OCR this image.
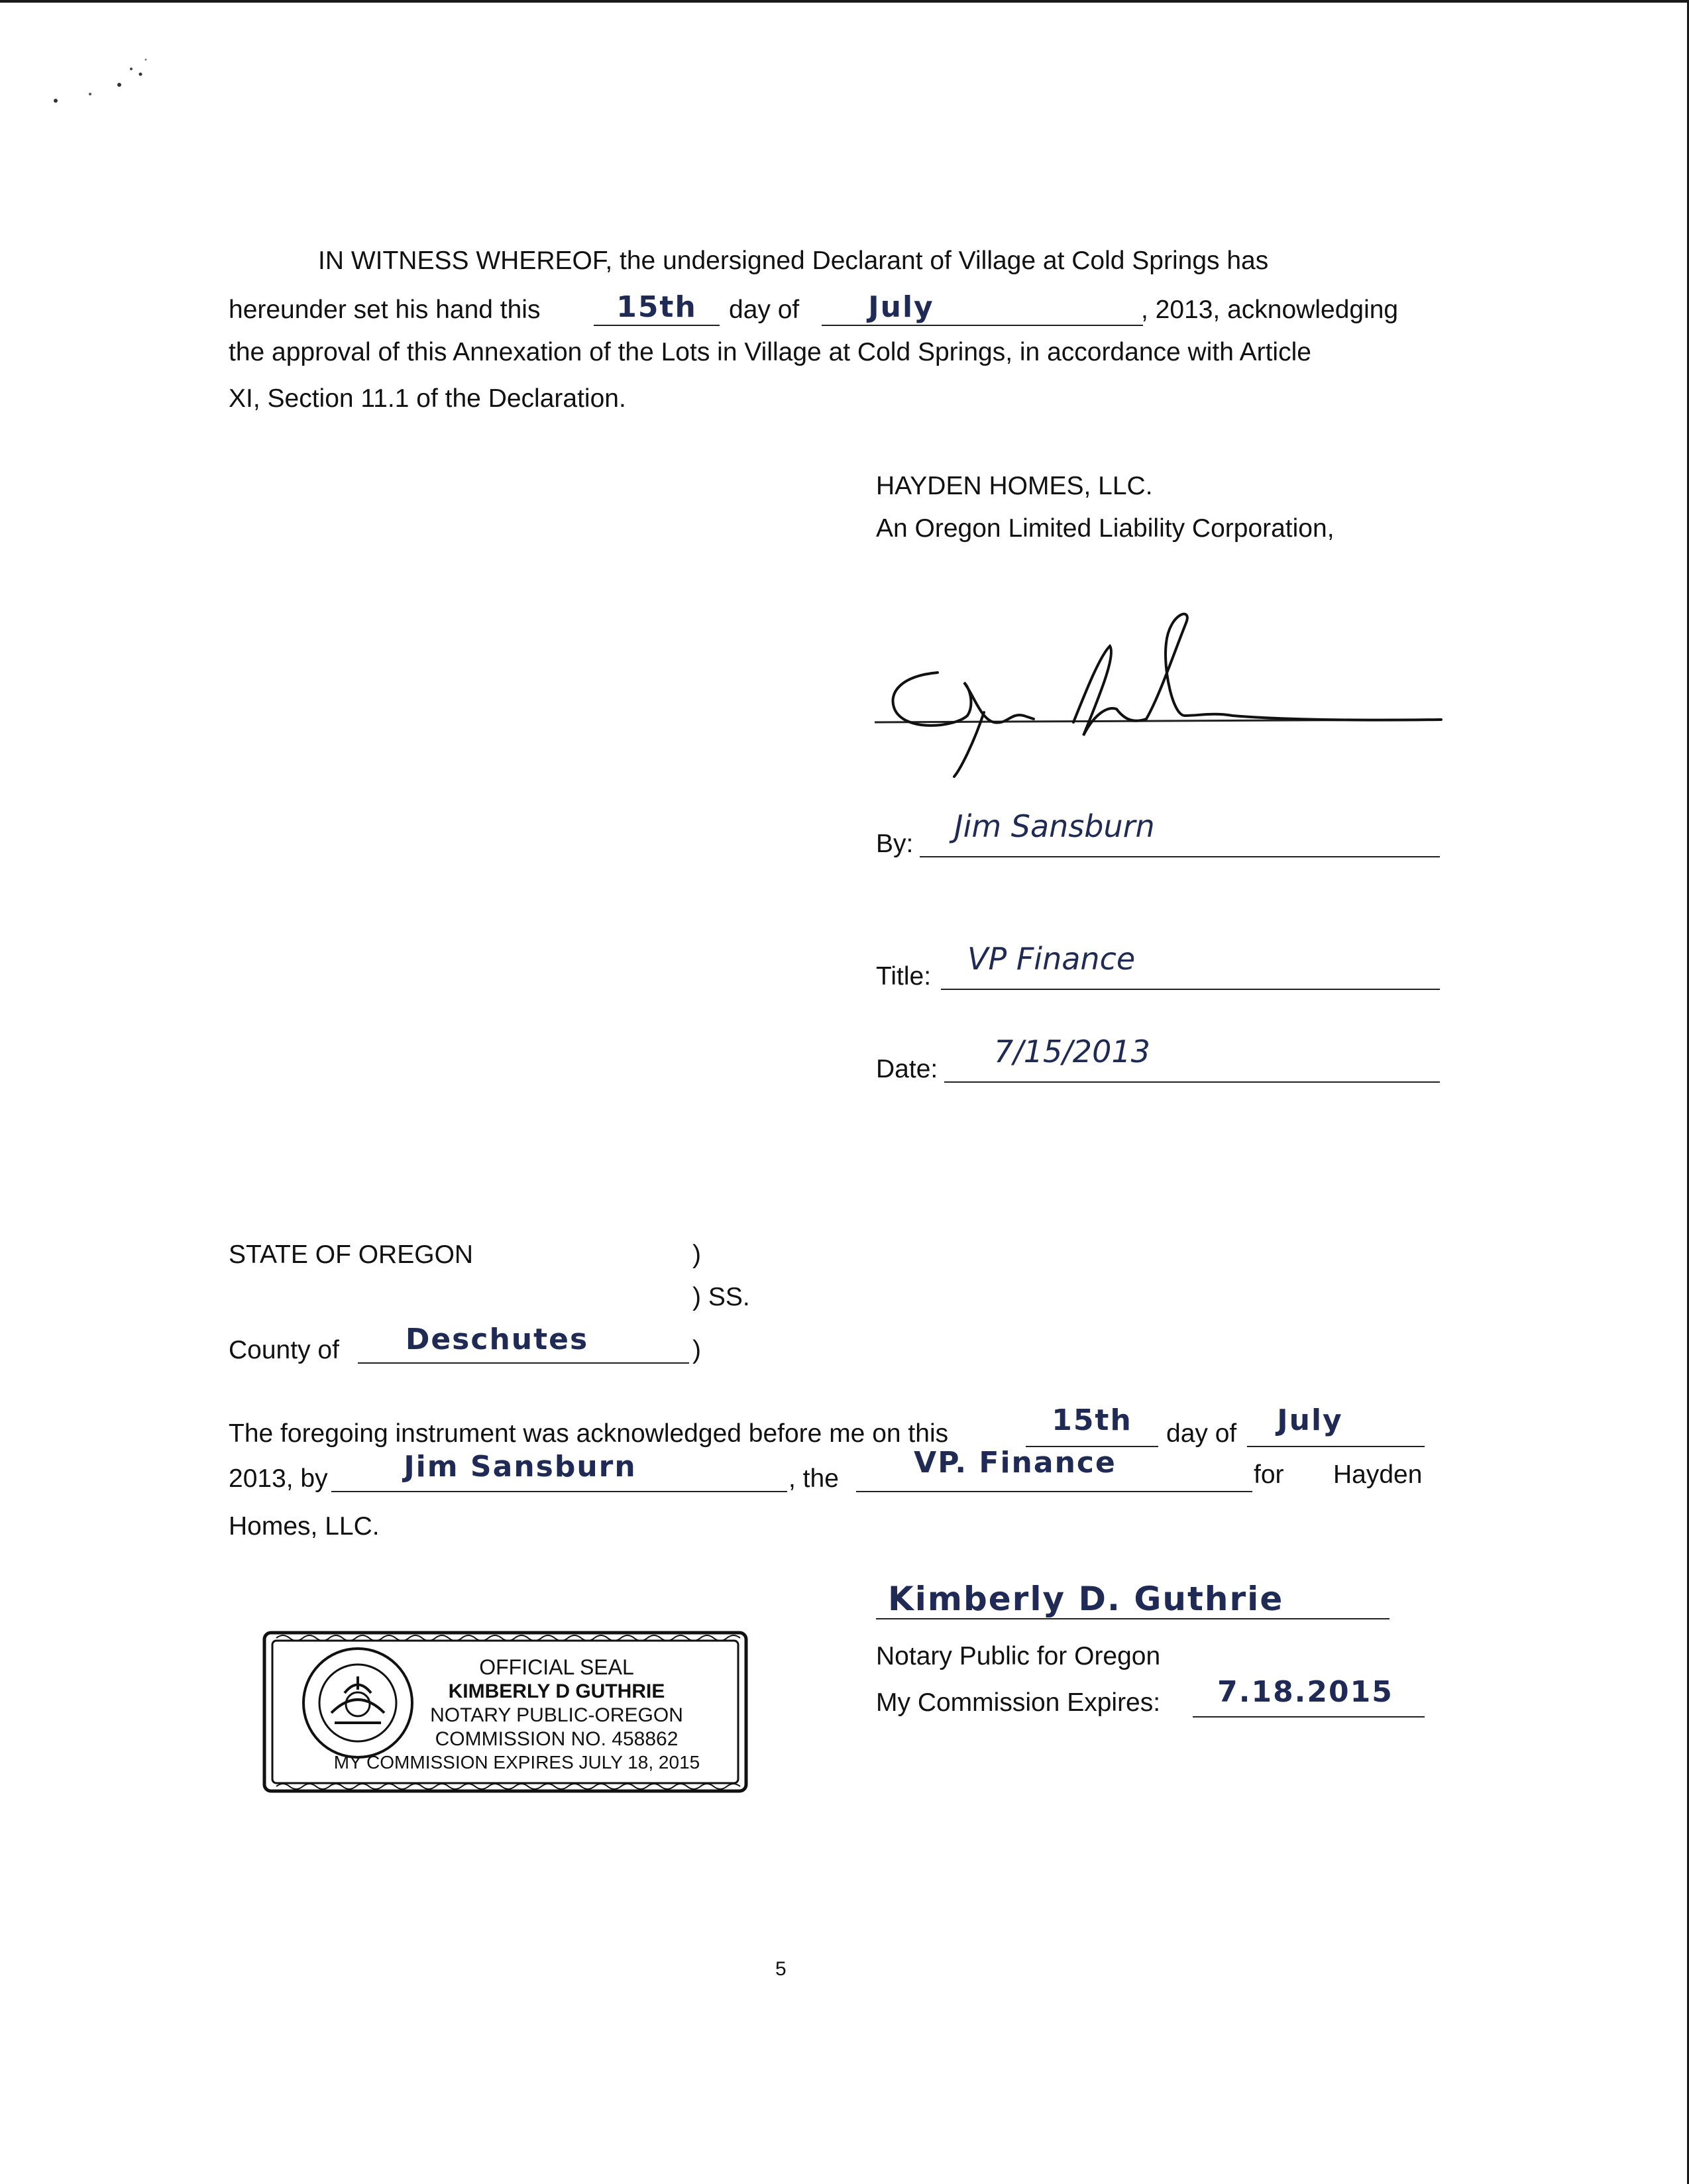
IN WITNESS WHEREOF, the undersigned Declarant of Village at Cold Springs has
hereunder set his hand this	15th	day of	July	, 2013, acknowledging
the approval of this Annexation of the Lots in Village at Cold Springs, in accordance with Article
XI, Section 11.1 of the Declaration.
HAYDEN HOMES, LLC.
An Oregon Limited Liability Corporation,
By: Jim Sansburn
Title: VP Finance
Date: 7/15/2013
STATE OF OREGON	)
) SS.
County of	Deschutes	)
The foregoing instrument was acknowledged before me on this	15th	day of	July
2013, by	Jim Sansburn	, the	VP. Finance	for Hayden
Homes, LLC.
Kimberly D. Guthrie
Notary Public for Oregon
My Commission Expires:	7.18.2015
OFFICIAL SEAL
KIMBERLY D GUTHRIE
NOTARY PUBLIC-OREGON
COMMISSION NO. 458862
MY COMMISSION EXPIRES JULY 18, 2015
5
